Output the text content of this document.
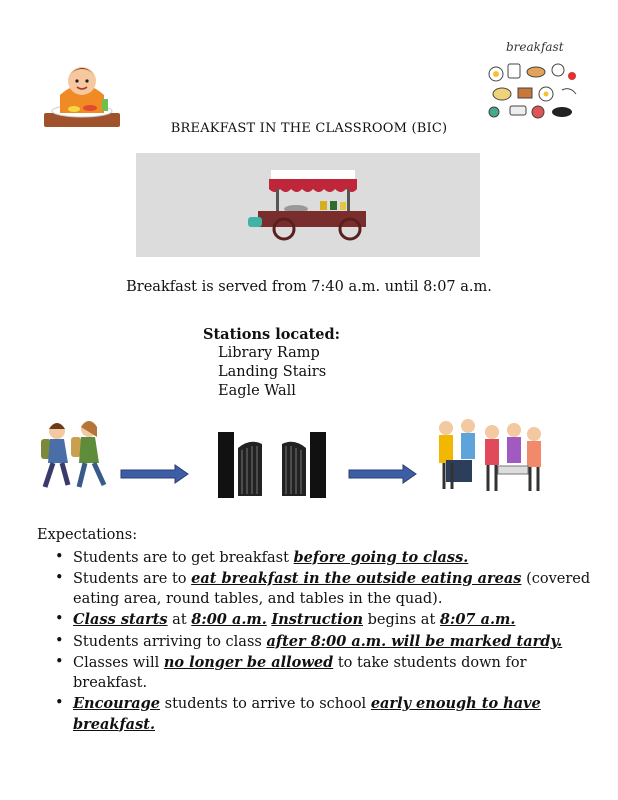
breakfast
BREAKFAST IN THE CLASSROOM (BIC)
Breakfast is served from 7:40 a.m. until 8:07 a.m.
Stations located:
Library Ramp
Landing Stairs
Eagle Wall
Expectations:
• Students are to get breakfast before going to class.
• Students are to eat breakfast in the outside eating areas (covered eating area, round tables, and tables in the quad).
• Class starts at 8:00 a.m. Instruction begins at 8:07 a.m.
• Students arriving to class after 8:00 a.m. will be marked tardy.
• Classes will no longer be allowed to take students down for breakfast.
• Encourage students to arrive to school early enough to have breakfast.
